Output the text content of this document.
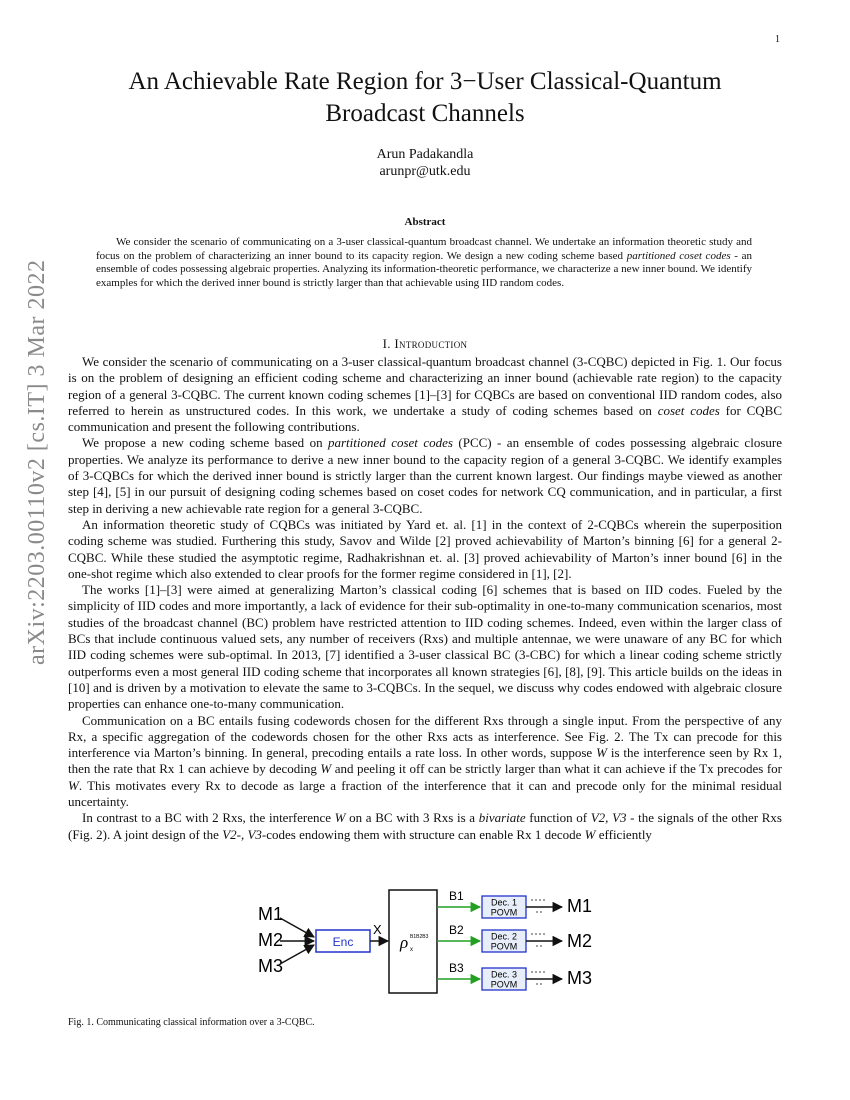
1
arXiv:2203.00110v2 [cs.IT] 3 Mar 2022
An Achievable Rate Region for 3−User Classical-Quantum
Broadcast Channels
Arun Padakandla
arunpr@utk.edu
Abstract

We consider the scenario of communicating on a 3-user classical-quantum broadcast channel. We undertake an information theoretic study and focus on the problem of characterizing an inner bound to its capacity region. We design a new coding scheme based partitioned coset codes - an ensemble of codes possessing algebraic properties. Analyzing its information-theoretic performance, we characterize a new inner bound. We identify examples for which the derived inner bound is strictly larger than that achievable using IID random codes.

I. Introduction

We consider the scenario of communicating on a 3-user classical-quantum broadcast channel (3-CQBC) depicted in Fig. 1. Our focus is on the problem of designing an efficient coding scheme and characterizing an inner bound (achievable rate region) to the capacity region of a general 3-CQBC. The current known coding schemes [1]–[3] for CQBCs are based on conventional IID random codes, also referred to herein as unstructured codes. In this work, we undertake a study of coding schemes based on coset codes for CQBC communication and present the following contributions.

We propose a new coding scheme based on partitioned coset codes (PCC) - an ensemble of codes possessing algebraic closure properties. We analyze its performance to derive a new inner bound to the capacity region of a general 3-CQBC. We identify examples of 3-CQBCs for which the derived inner bound is strictly larger than the current known largest. Our findings maybe viewed as another step [4], [5] in our pursuit of designing coding schemes based on coset codes for network CQ communication, and in particular, a first step in deriving a new achievable rate region for a general 3-CQBC.

An information theoretic study of CQBCs was initiated by Yard et. al. [1] in the context of 2-CQBCs wherein the superposition coding scheme was studied. Furthering this study, Savov and Wilde [2] proved achievability of Marton’s binning [6] for a general 2-CQBC. While these studied the asymptotic regime, Radhakrishnan et. al. [3] proved achievability of Marton’s inner bound [6] in the one-shot regime which also extended to clear proofs for the former regime considered in [1], [2].

The works [1]–[3] were aimed at generalizing Marton’s classical coding [6] schemes that is based on IID codes. Fueled by the simplicity of IID codes and more importantly, a lack of evidence for their sub-optimality in one-to-many communication scenarios, most studies of the broadcast channel (BC) problem have restricted attention to IID coding schemes. Indeed, even within the larger class of BCs that include continuous valued sets, any number of receivers (Rxs) and multiple antennae, we were unaware of any BC for which IID coding schemes were sub-optimal. In 2013, [7] identified a 3-user classical BC (3-CBC) for which a linear coding scheme strictly outperforms even a most general IID coding scheme that incorporates all known strategies [6], [8], [9]. This article builds on the ideas in [10] and is driven by a motivation to elevate the same to 3-CQBCs. In the sequel, we discuss why codes endowed with algebraic closure properties can enhance one-to-many communication.

Communication on a BC entails fusing codewords chosen for the different Rxs through a single input. From the perspective of any Rx, a specific aggregation of the codewords chosen for the other Rxs acts as interference. See Fig. 2. The Tx can precode for this interference via Marton’s binning. In general, precoding entails a rate loss. In other words, suppose W is the interference seen by Rx 1, then the rate that Rx 1 can achieve by decoding W and peeling it off can be strictly larger than what it can achieve if the Tx precodes for W. This motivates every Rx to decode as large a fraction of the interference that it can and precode only for the minimal residual uncertainty.

In contrast to a BC with 2 Rxs, the interference W on a BC with 3 Rxs is a bivariate function of V2, V3 - the signals of the other Rxs (Fig. 2). A joint design of the V2-, V3-codes endowing them with structure can enable Rx 1 decode W efficiently

M1
M2
M3
Enc
X
ρ B1B2B3
x
B1
B2
B3
Dec. 1
POVM
Dec. 2
POVM
Dec. 3
POVM
M1
M2
M3
Fig. 1. Communicating classical information over a 3-CQBC.
